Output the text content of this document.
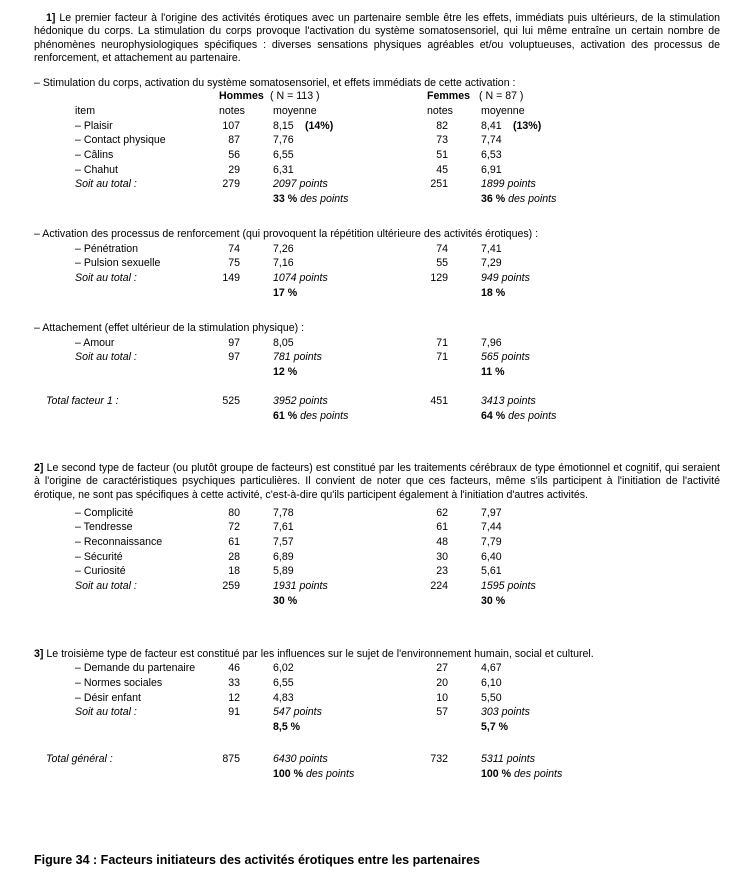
1] Le premier facteur à l'origine des activités érotiques avec un partenaire semble être les effets, immédiats puis ultérieurs, de la stimulation hédonique du corps. La stimulation du corps provoque l'activation du système somatosensoriel, qui lui même entraîne un certain nombre de phénomènes neurophysiologiques spécifiques : diverses sensations physiques agréables et/ou voluptueuses, activation des processus de renforcement, et attachement au partenaire.
– Stimulation du corps, activation du système somatosensoriel, et effets immédiats de cette activation :
Hommes ( N = 113 )	Femmes ( N = 87 )
item	notes	moyenne	notes	moyenne
– Plaisir	107	8,15 (14%)	82	8,41 (13%)
– Contact physique	87	7,76	73	7,74
– Câlins	56	6,55	51	6,53
– Chahut	29	6,31	45	6,91
Soit au total :	279	2097 points	251	1899 points
33 % des points	36 % des points
– Activation des processus de renforcement (qui provoquent la répétition ultérieure des activités érotiques) :
– Pénétration	74	7,26	74	7,41
– Pulsion sexuelle	75	7,16	55	7,29
Soit au total :	149	1074 points	129	949 points
17 %	18 %
– Attachement (effet ultérieur de la stimulation physique) :
– Amour	97	8,05	71	7,96
Soit au total :	97	781 points	71	565 points
12 %	11 %
Total facteur 1 :	525	3952 points	451	3413 points
61 % des points	64 % des points
2] Le second type de facteur (ou plutôt groupe de facteurs) est constitué par les traitements cérébraux de type émotionnel et cognitif, qui seraient à l'origine de caractéristiques psychiques particulières. Il convient de noter que ces facteurs, même s'ils participent à l'initiation de l'activité érotique, ne sont pas spécifiques à cette activité, c'est-à-dire qu'ils participent également à l'initiation d'autres activités.
– Complicité	80	7,78	62	7,97
– Tendresse	72	7,61	61	7,44
– Reconnaissance	61	7,57	48	7,79
– Sécurité	28	6,89	30	6,40
– Curiosité	18	5,89	23	5,61
Soit au total :	259	1931 points	224	1595 points
30 %	30 %
3] Le troisième type de facteur est constitué par les influences sur le sujet de l'environnement humain, social et culturel.
– Demande du partenaire	46	6,02	27	4,67
– Normes sociales	33	6,55	20	6,10
– Désir enfant	12	4,83	10	5,50
Soit au total :	91	547 points	57	303 points
8,5 %	5,7 %
Total général :	875	6430 points	732	5311 points
100 % des points	100 % des points
Figure 34 : Facteurs initiateurs des activités érotiques entre les partenaires
